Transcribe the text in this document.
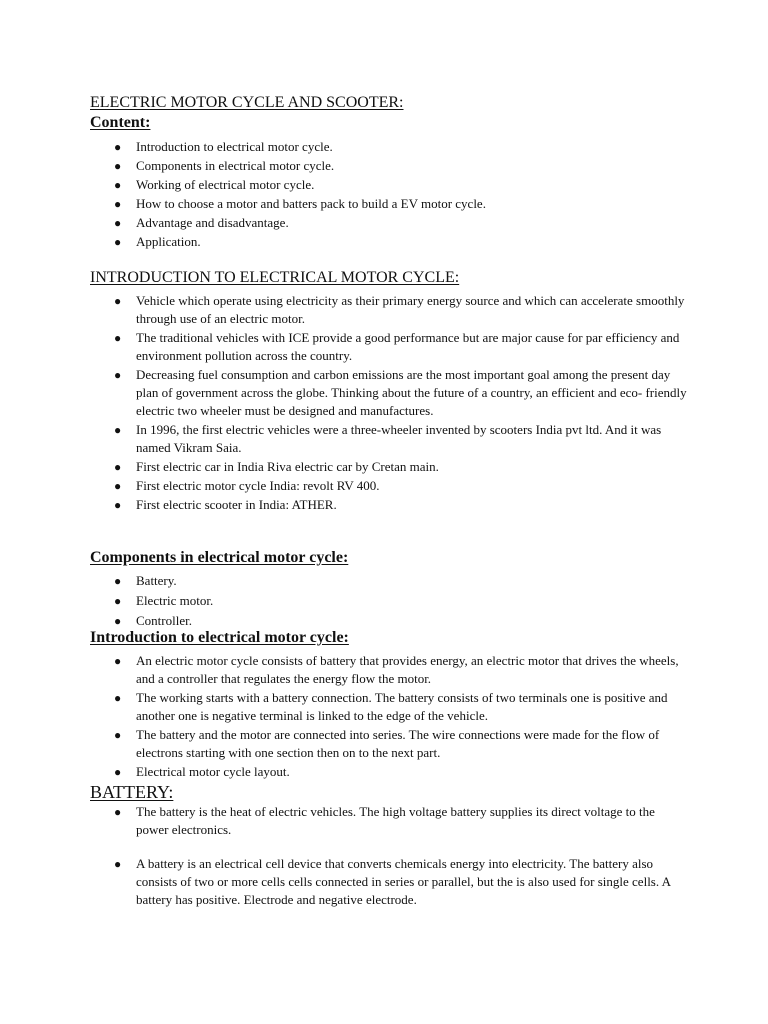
ELECTRIC MOTOR CYCLE AND SCOOTER:
Content:
● Introduction to electrical motor cycle.
● Components in electrical motor cycle.
● Working of electrical motor cycle.
● How to choose a motor and batters pack to build a EV motor cycle.
● Advantage and disadvantage.
● Application.
INTRODUCTION TO ELECTRICAL MOTOR CYCLE:
● Vehicle which operate using electricity as their primary energy source and which can accelerate smoothly through use of an electric motor.
● The traditional vehicles with ICE provide a good performance but are major cause for par efficiency and environment pollution across the country.
● Decreasing fuel consumption and carbon emissions are the most important goal among the present day plan of government across the globe. Thinking about the future of a country, an efficient and eco- friendly electric two wheeler must be designed and manufactures.
● In 1996, the first electric vehicles were a three-wheeler invented by scooters India pvt ltd. And it was named Vikram Saia.
● First electric car in India Riva electric car by Cretan main.
● First electric motor cycle India: revolt RV 400.
● First electric scooter in India: ATHER.
Components in electrical motor cycle:
● Battery.
● Electric motor.
● Controller.
Introduction to electrical motor cycle:
● An electric motor cycle consists of battery that provides energy, an electric motor that drives the wheels, and a controller that regulates the energy flow the motor.
● The working starts with a battery connection. The battery consists of two terminals one is positive and another one is negative terminal is linked to the edge of the vehicle.
● The battery and the motor are connected into series. The wire connections were made for the flow of electrons starting with one section then on to the next part.
● Electrical motor cycle layout.
BATTERY:
● The battery is the heat of electric vehicles. The high voltage battery supplies its direct voltage to the power electronics.
● A battery is an electrical cell device that converts chemicals energy into electricity. The battery also consists of two or more cells cells connected in series or parallel, but the is also used for single cells. A battery has positive. Electrode and negative electrode.
